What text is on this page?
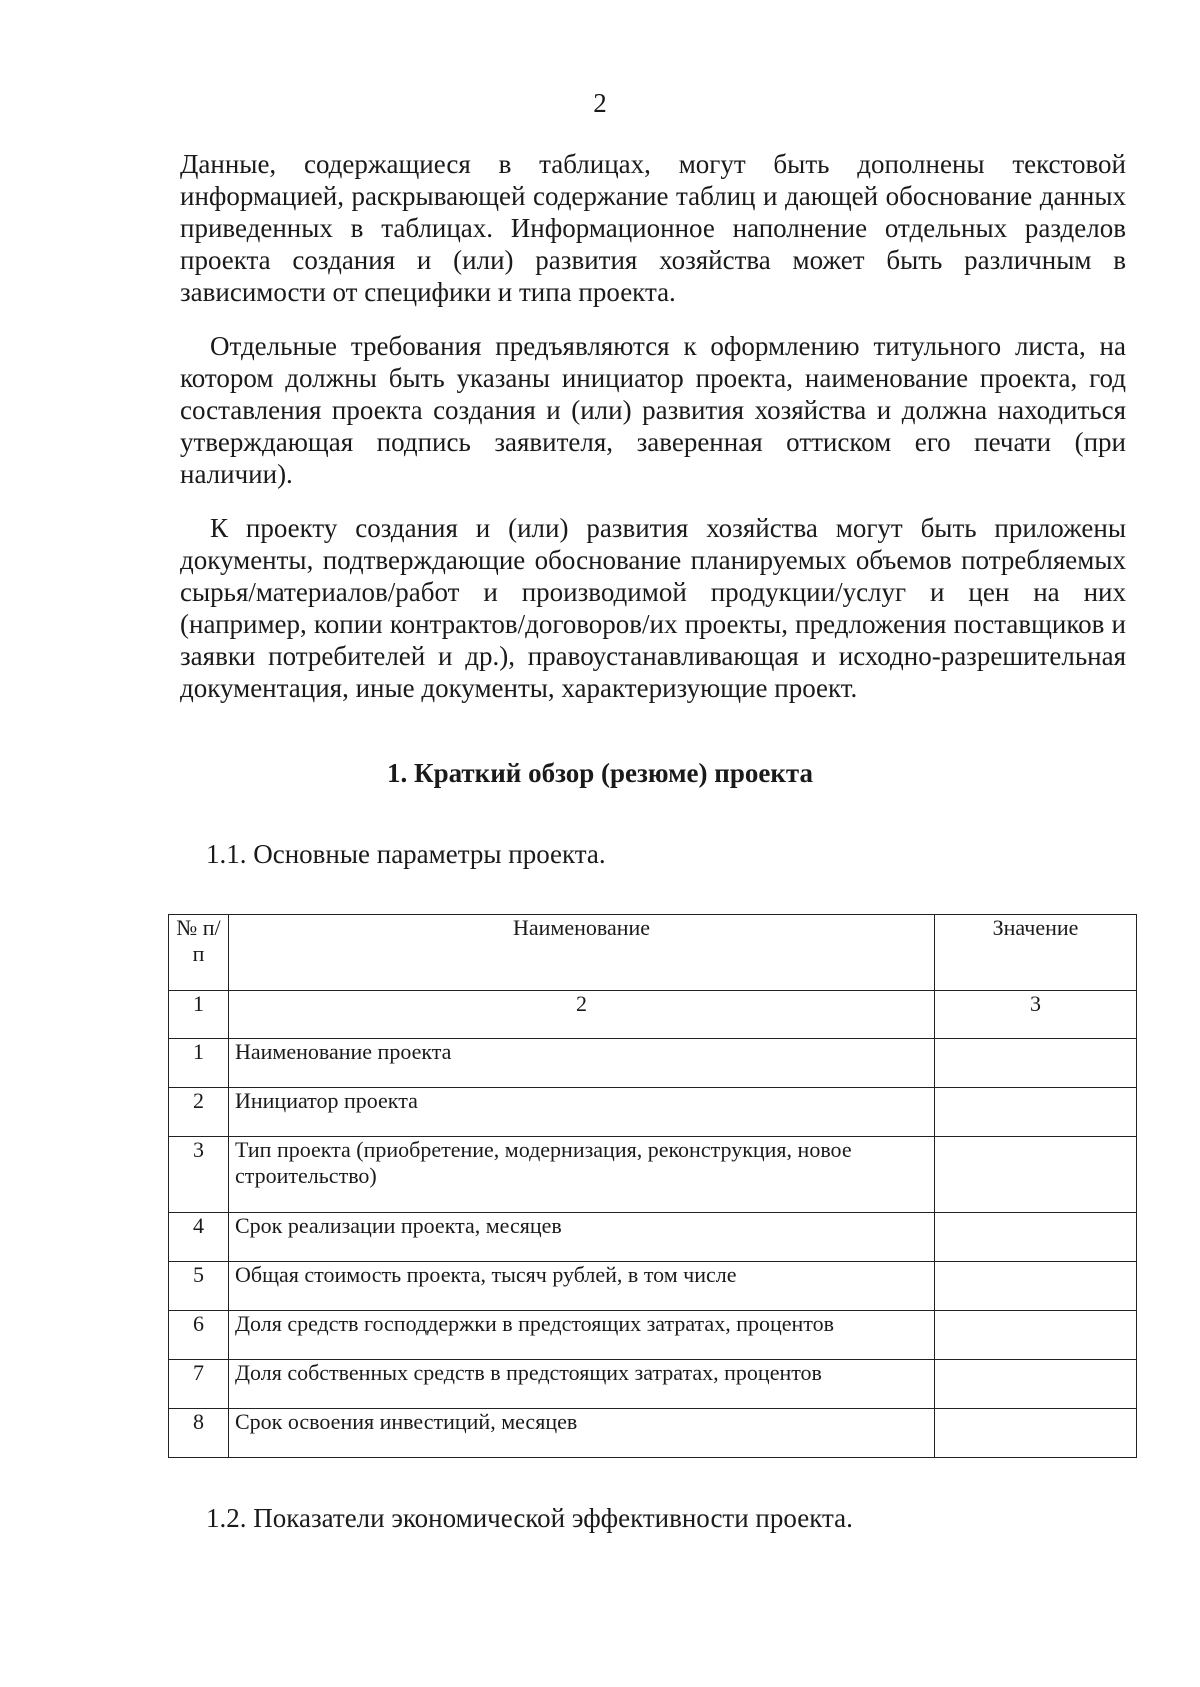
2

Данные, содержащиеся в таблицах, могут быть дополнены текстовой информацией, раскрывающей содержание таблиц и дающей обоснование данных приведенных в таблицах. Информационное наполнение отдельных разделов проекта создания и (или) развития хозяйства может быть различным в зависимости от специфики и типа проекта.

Отдельные требования предъявляются к оформлению титульного листа, на котором должны быть указаны инициатор проекта, наименование проекта, год составления проекта создания и (или) развития хозяйства и должна находиться утверждающая подпись заявителя, заверенная оттиском его печати (при наличии).

К проекту создания и (или) развития хозяйства могут быть приложены документы, подтверждающие обоснование планируемых объемов потребляемых сырья/материалов/работ и производимой продукции/услуг и цен на них (например, копии контрактов/договоров/их проекты, предложения поставщиков и заявки потребителей и др.), правоустанавливающая и исходно-разрешительная документация, иные документы, характеризующие проект.

1. Краткий обзор (резюме) проекта
1.1. Основные параметры проекта.
№ п/п	Наименование	Значение
1	2	3
1	Наименование проекта	
2	Инициатор проекта	
3	Тип проекта (приобретение, модернизация, реконструкция, новое строительство)	
4	Срок реализации проекта, месяцев	
5	Общая стоимость проекта, тысяч рублей, в том числе	
6	Доля средств господдержки в предстоящих затратах, процентов	
7	Доля собственных средств в предстоящих затратах, процентов	
8	Срок освоения инвестиций, месяцев	
1.2. Показатели экономической эффективности проекта.
